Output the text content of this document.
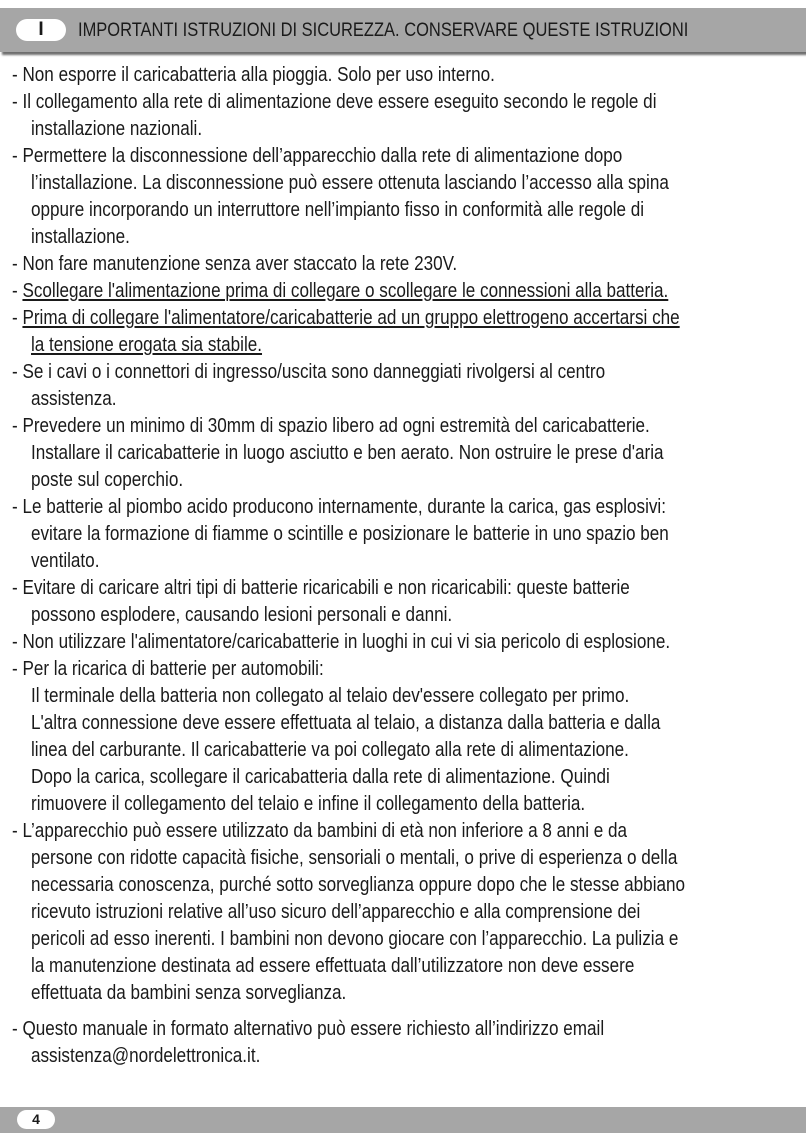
I	IMPORTANTI ISTRUZIONI DI SICUREZZA. CONSERVARE QUESTE ISTRUZIONI
- Non esporre il caricabatteria alla pioggia. Solo per uso interno.
- Il collegamento alla rete di alimentazione deve essere eseguito secondo le regole di
installazione nazionali.
- Permettere la disconnessione dell’apparecchio dalla rete di alimentazione dopo
l’installazione. La disconnessione può essere ottenuta lasciando l’accesso alla spina
oppure incorporando un interruttore nell’impianto fisso in conformità alle regole di
installazione.
- Non fare manutenzione senza aver staccato la rete 230V.
- Scollegare l'alimentazione prima di collegare o scollegare le connessioni alla batteria.
- Prima di collegare l'alimentatore/caricabatterie ad un gruppo elettrogeno accertarsi che
la tensione erogata sia stabile.
- Se i cavi o i connettori di ingresso/uscita sono danneggiati rivolgersi al centro
assistenza.
- Prevedere un minimo di 30mm di spazio libero ad ogni estremità del caricabatterie.
Installare il caricabatterie in luogo asciutto e ben aerato. Non ostruire le prese d'aria
poste sul coperchio.
- Le batterie al piombo acido producono internamente, durante la carica, gas esplosivi:
evitare la formazione di fiamme o scintille e posizionare le batterie in uno spazio ben
ventilato.
- Evitare di caricare altri tipi di batterie ricaricabili e non ricaricabili: queste batterie
possono esplodere, causando lesioni personali e danni.
- Non utilizzare l'alimentatore/caricabatterie in luoghi in cui vi sia pericolo di esplosione.
- Per la ricarica di batterie per automobili:
Il terminale della batteria non collegato al telaio dev'essere collegato per primo.
L'altra connessione deve essere effettuata al telaio, a distanza dalla batteria e dalla
linea del carburante. Il caricabatterie va poi collegato alla rete di alimentazione.
Dopo la carica, scollegare il caricabatteria dalla rete di alimentazione. Quindi
rimuovere il collegamento del telaio e infine il collegamento della batteria.
- L’apparecchio può essere utilizzato da bambini di età non inferiore a 8 anni e da
persone con ridotte capacità fisiche, sensoriali o mentali, o prive di esperienza o della
necessaria conoscenza, purché sotto sorveglianza oppure dopo che le stesse abbiano
ricevuto istruzioni relative all’uso sicuro dell’apparecchio e alla comprensione dei
pericoli ad esso inerenti. I bambini non devono giocare con l’apparecchio. La pulizia e
la manutenzione destinata ad essere effettuata dall’utilizzatore non deve essere
effettuata da bambini senza sorveglianza.
- Questo manuale in formato alternativo può essere richiesto all’indirizzo email
assistenza@nordelettronica.it.
4
